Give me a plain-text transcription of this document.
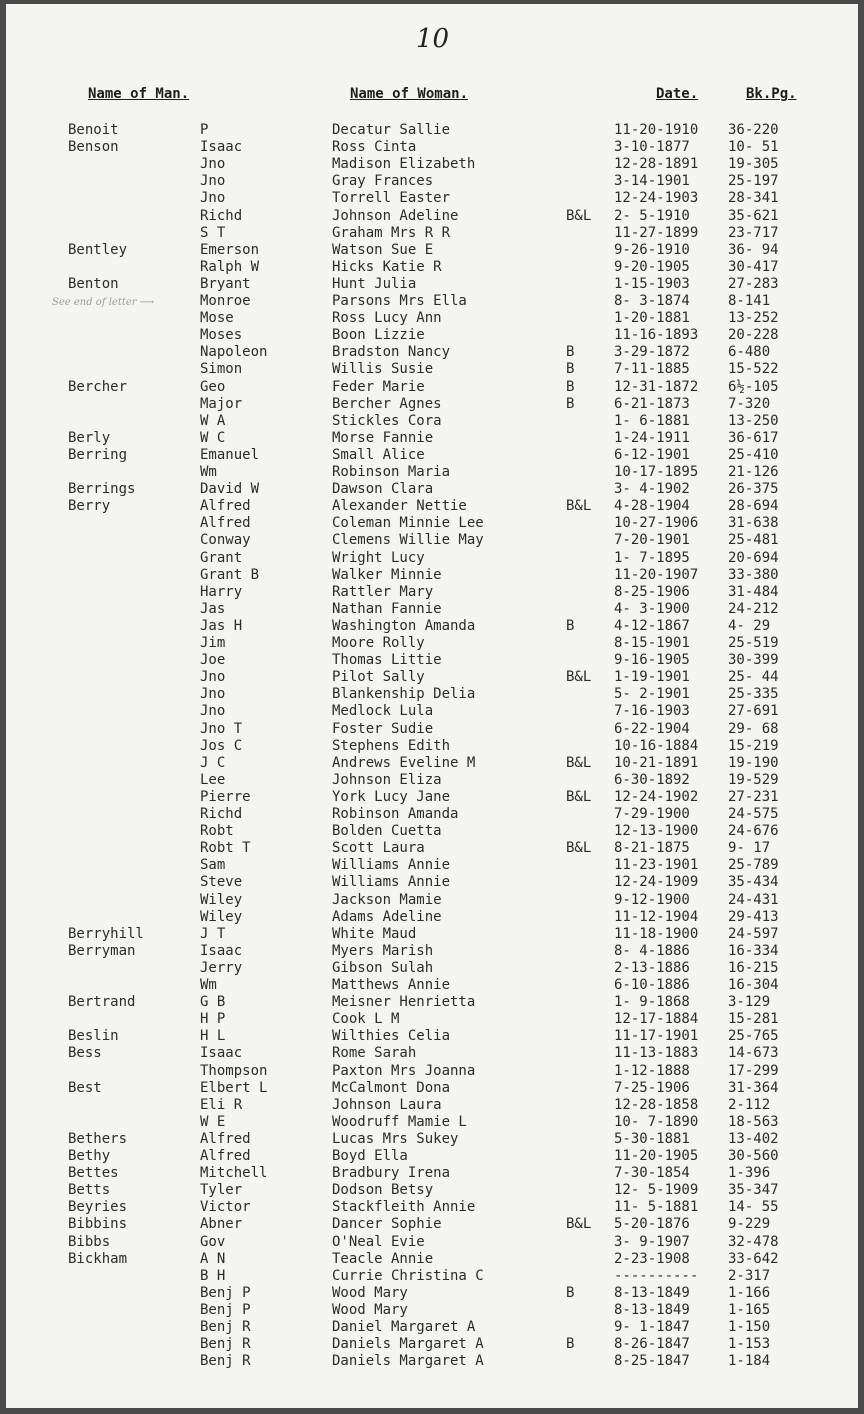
10
Name of Man.	Name of Woman.	Date.	Bk.Pg.
See end of letter ⟶
Benoit	P	Decatur Sallie	11-20-1910 36-220
Benson	Isaac	Ross Cinta	3-10-1877	10- 51
Jno	Madison Elizabeth	12-28-1891 19-305
Jno	Gray Frances	3-14-1901	25-197
Jno	Torrell Easter	12-24-1903 28-341
Richd	Johnson Adeline	B&L 2- 5-1910	35-621
S T	Graham Mrs R R	11-27-1899 23-717
Bentley	Emerson	Watson Sue E	9-26-1910	36- 94
Ralph W	Hicks Katie R	9-20-1905	30-417
Benton	Bryant	Hunt Julia	1-15-1903	27-283
Monroe	Parsons Mrs Ella	8- 3-1874	8-141
Mose	Ross Lucy Ann	1-20-1881	13-252
Moses	Boon Lizzie	11-16-1893 20-228
Napoleon	Bradston Nancy	B	3-29-1872	6-480
Simon	Willis Susie	B	7-11-1885	15-522
Bercher	Geo	Feder Marie	B	12-31-1872 6½-105
Major	Bercher Agnes	B	6-21-1873	7-320
W A	Stickles Cora	1- 6-1881	13-250
Berly	W C	Morse Fannie	1-24-1911	36-617
Berring	Emanuel	Small Alice	6-12-1901	25-410
Wm	Robinson Maria	10-17-1895 21-126
Berrings	David W	Dawson Clara	3- 4-1902	26-375
Berry	Alfred	Alexander Nettie	B&L 4-28-1904	28-694
Alfred	Coleman Minnie Lee	10-27-1906 31-638
Conway	Clemens Willie May	7-20-1901	25-481
Grant	Wright Lucy	1- 7-1895	20-694
Grant B	Walker Minnie	11-20-1907 33-380
Harry	Rattler Mary	8-25-1906	31-484
Jas	Nathan Fannie	4- 3-1900	24-212
Jas H	Washington Amanda	B	4-12-1867	4- 29
Jim	Moore Rolly	8-15-1901	25-519
Joe	Thomas Littie	9-16-1905	30-399
Jno	Pilot Sally	B&L 1-19-1901	25- 44
Jno	Blankenship Delia	5- 2-1901	25-335
Jno	Medlock Lula	7-16-1903	27-691
Jno T	Foster Sudie	6-22-1904	29- 68
Jos C	Stephens Edith	10-16-1884 15-219
J C	Andrews Eveline M	B&L 10-21-1891 19-190
Lee	Johnson Eliza	6-30-1892	19-529
Pierre	York Lucy Jane	B&L 12-24-1902 27-231
Richd	Robinson Amanda	7-29-1900	24-575
Robt	Bolden Cuetta	12-13-1900 24-676
Robt T	Scott Laura	B&L 8-21-1875	9- 17
Sam	Williams Annie	11-23-1901 25-789
Steve	Williams Annie	12-24-1909 35-434
Wiley	Jackson Mamie	9-12-1900	24-431
Wiley	Adams Adeline	11-12-1904 29-413
Berryhill	J T	White Maud	11-18-1900 24-597
Berryman	Isaac	Myers Marish	8- 4-1886	16-334
Jerry	Gibson Sulah	2-13-1886	16-215
Wm	Matthews Annie	6-10-1886	16-304
Bertrand	G B	Meisner Henrietta	1- 9-1868	3-129
H P	Cook L M	12-17-1884 15-281
Beslin	H L	Wilthies Celia	11-17-1901 25-765
Bess	Isaac	Rome Sarah	11-13-1883 14-673
Thompson	Paxton Mrs Joanna	1-12-1888	17-299
Best	Elbert L	McCalmont Dona	7-25-1906	31-364
Eli R	Johnson Laura	12-28-1858 2-112
W E	Woodruff Mamie L	10- 7-1890 18-563
Bethers	Alfred	Lucas Mrs Sukey	5-30-1881	13-402
Bethy	Alfred	Boyd Ella	11-20-1905 30-560
Bettes	Mitchell	Bradbury Irena	7-30-1854	1-396
Betts	Tyler	Dodson Betsy	12- 5-1909 35-347
Beyries	Victor	Stackfleith Annie	11- 5-1881 14- 55
Bibbins	Abner	Dancer Sophie	B&L 5-20-1876	9-229
Bibbs	Gov	O'Neal Evie	3- 9-1907	32-478
Bickham	A N	Teacle Annie	2-23-1908	33-642
B H	Currie Christina C	---------- 2-317
Benj P	Wood Mary	B	8-13-1849	1-166
Benj P	Wood Mary	8-13-1849	1-165
Benj R	Daniel Margaret A	9- 1-1847	1-150
Benj R	Daniels Margaret A	B	8-26-1847	1-153
Benj R	Daniels Margaret A	8-25-1847	1-184
